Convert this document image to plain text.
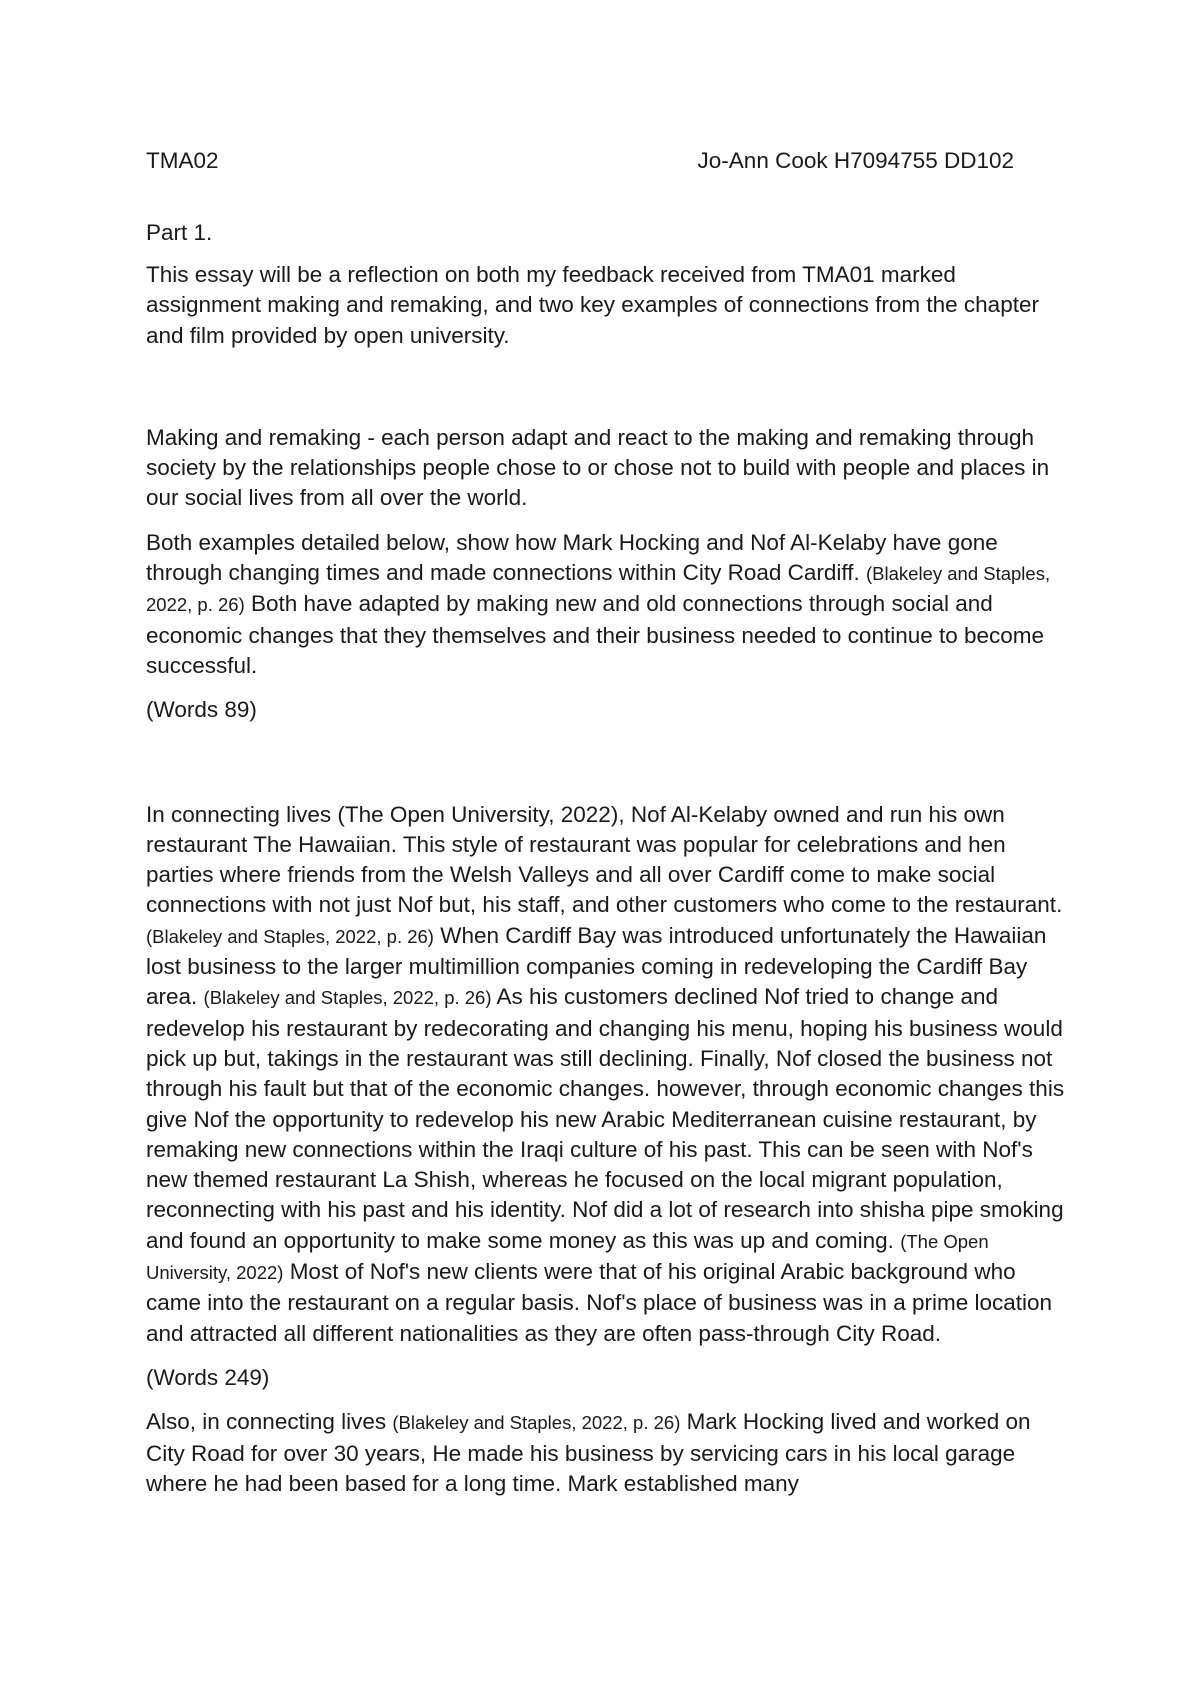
TMA02	Jo-Ann Cook H7094755 DD102
Part 1.

This essay will be a reflection on both my feedback received from TMA01 marked assignment making and remaking, and two key examples of connections from the chapter and film provided by open university.

Making and remaking - each person adapt and react to the making and remaking through society by the relationships people chose to or chose not to build with people and places in our social lives from all over the world.

Both examples detailed below, show how Mark Hocking and Nof Al-Kelaby have gone through changing times and made connections within City Road Cardiff. (Blakeley and Staples, 2022, p. 26) Both have adapted by making new and old connections through social and economic changes that they themselves and their business needed to continue to become successful.

(Words 89)

In connecting lives (The Open University, 2022), Nof Al-Kelaby owned and run his own restaurant The Hawaiian. This style of restaurant was popular for celebrations and hen parties where friends from the Welsh Valleys and all over Cardiff come to make social connections with not just Nof but, his staff, and other customers who come to the restaurant. (Blakeley and Staples, 2022, p. 26) When Cardiff Bay was introduced unfortunately the Hawaiian lost business to the larger multimillion companies coming in redeveloping the Cardiff Bay area. (Blakeley and Staples, 2022, p. 26) As his customers declined Nof tried to change and redevelop his restaurant by redecorating and changing his menu, hoping his business would pick up but, takings in the restaurant was still declining. Finally, Nof closed the business not through his fault but that of the economic changes. however, through economic changes this give Nof the opportunity to redevelop his new Arabic Mediterranean cuisine restaurant, by remaking new connections within the Iraqi culture of his past. This can be seen with Nof's new themed restaurant La Shish, whereas he focused on the local migrant population, reconnecting with his past and his identity. Nof did a lot of research into shisha pipe smoking and found an opportunity to make some money as this was up and coming. (The Open University, 2022) Most of Nof's new clients were that of his original Arabic background who came into the restaurant on a regular basis. Nof's place of business was in a prime location and attracted all different nationalities as they are often pass-through City Road.

(Words 249)

Also, in connecting lives (Blakeley and Staples, 2022, p. 26) Mark Hocking lived and worked on City Road for over 30 years, He made his business by servicing cars in his local garage where he had been based for a long time. Mark established many
